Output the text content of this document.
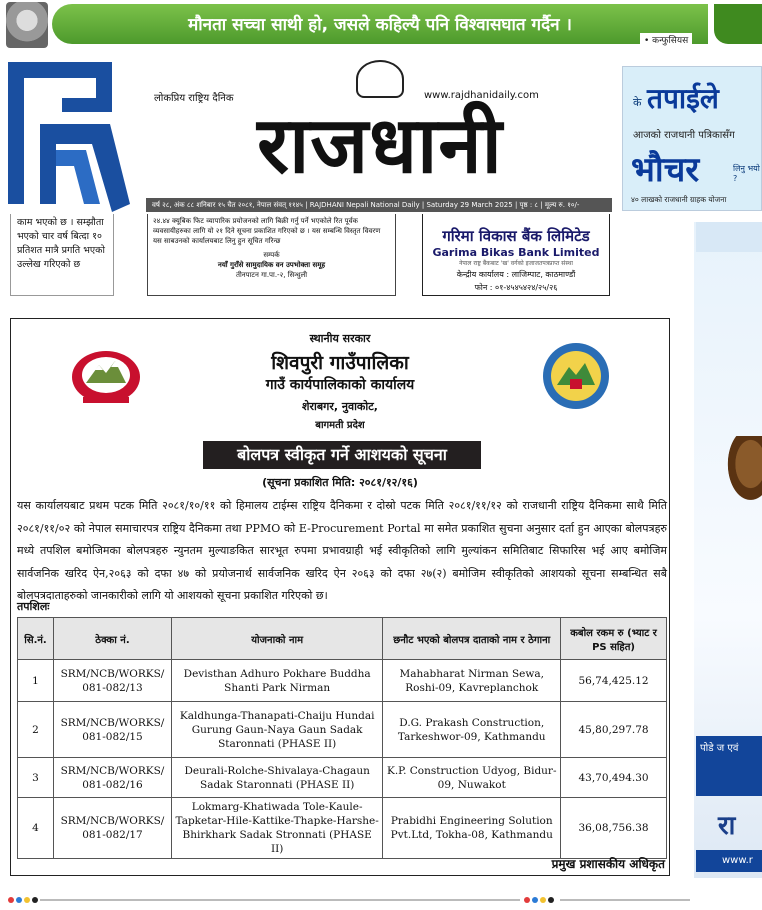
मौनता सच्चा साथी हो, जसले कहिल्यै पनि विश्वासघात गर्दैन ।
• कन्फुसियस
लोकप्रिय राष्ट्रिय दैनिक	www.rajdhanidaily.com
राजधानी
वर्ष २८, अंक ८८ शनिबार १५ चैत २०८१, नेपाल संवत् ११४५ | RAJDHANI Nepali National Daily | Saturday 29 March 2025 | पृष्ठ : ८ | मूल्य रु. १०/-
तपाईले
के
आजको राजधानी पत्रिकासँग
भौचर	लिनु भयो ?
४० लाखको राजधानी ग्राहक योजना
काम भएको छ । सम्झौता भएको चार वर्ष बित्दा १० प्रतिशत मात्रै प्रगति भएको उल्लेख गरिएको छ
२४.४४ क्यूबिक फिट व्यापारिक प्रयोजनको लागि बिक्री गर्नु पर्ने भएकोले रित पूर्वक व्यवसायीहरुका लागि यो २१ दिने सूचना प्रकाशित गरिएको छ । यस सम्बन्धि विस्तृत विवरण यस साबउनको कार्यालयबाट लिनु हुन सूचित गरिन्छ
सम्पर्क
नयाँ गुराँसे सामुदायिक वन उपभोक्ता समूह
तीनपाटन गा.पा.-२, सिन्धुली
गरिमा विकास बैंक लिमिटेड
Garima Bikas Bank Limited
नेपाल राष्ट्र बैंकबाट 'ख' वर्गको इजाजतपत्रप्राप्त संस्था
केन्द्रीय कार्यालय : लाजिम्पाट, काठमाण्डौं
फोन : ०१-४५४५४२४/२५/२६
पोडे ज एवं
रा
www.r
स्थानीय सरकार
शिवपुरी गाउँपालिका
गाउँ कार्यपालिकाको कार्यालय
शेराबगर, नुवाकोट,
बागमती प्रदेश
बोलपत्र स्वीकृत गर्ने आशयको सूचना
(सूचना प्रकाशित मिति: २०८१/१२/१६)
यस कार्यालयबाट प्रथम पटक मिति २०८१/१०/११ को हिमालय टाईम्स राष्ट्रिय दैनिकमा र दोस्रो पटक मिति २०८१/११/१२ को राजधानी राष्ट्रिय दैनिकमा साथै मिति २०८१/११/०२ को नेपाल समाचारपत्र राष्ट्रिय दैनिकमा तथा PPMO को E-Procurement Portal मा समेत प्रकाशित सुचना अनुसार दर्ता हुन आएका बोलपत्रहरु मध्ये तपशिल बमोजिमका बोलपत्रहरु न्युनतम मुल्याङकित सारभूत रुपमा प्रभावग्राही भई स्वीकृतिको लागि मुल्यांकन समितिबाट सिफारिस भई आए बमोजिम सार्वजनिक खरिद ऐन,२०६३ को दफा ४७ को प्रयोजनार्थ सार्वजनिक खरिद ऐन २०६३ को दफा २७(२) बमोजिम स्वीकृतिको आशयको सूचना सम्बन्धित सबै बोलपत्रदाताहरुको जानकारीको लागि यो आशयको सूचना प्रकाशित गरिएको छ।
तपशिलः
सि.नं.	ठेक्का नं.	योजनाको नाम	छनौट भएको बोलपत्र दाताको नाम र ठेगाना	कबोल रकम रु (भ्याट र PS सहित)
1	SRM/NCB/WORKS/ 081-082/13	Devisthan Adhuro Pokhare Buddha Shanti Park Nirman	Mahabharat Nirman Sewa, Roshi-09, Kavreplanchok	56,74,425.12
2	SRM/NCB/WORKS/ 081-082/15	Kaldhunga-Thanapati-Chaiju Hundai Gurung Gaun-Naya Gaun Sadak Staronnati (PHASE II)	D.G. Prakash Construction, Tarkeshwor-09, Kathmandu	45,80,297.78
3	SRM/NCB/WORKS/ 081-082/16	Deurali-Rolche-Shivalaya-Chagaun Sadak Staronnati (PHASE II)	K.P. Construction Udyog, Bidur-09, Nuwakot	43,70,494.30
4	SRM/NCB/WORKS/ 081-082/17	Lokmarg-Khatiwada Tole-Kaule-Tapketar-Hile-Kattike-Thapke-Harshe-Bhirkhark Sadak Stronnati (PHASE II)	Prabidhi Engineering Solution Pvt.Ltd, Tokha-08, Kathmandu	36,08,756.38
प्रमुख प्रशासकीय अधिकृत
